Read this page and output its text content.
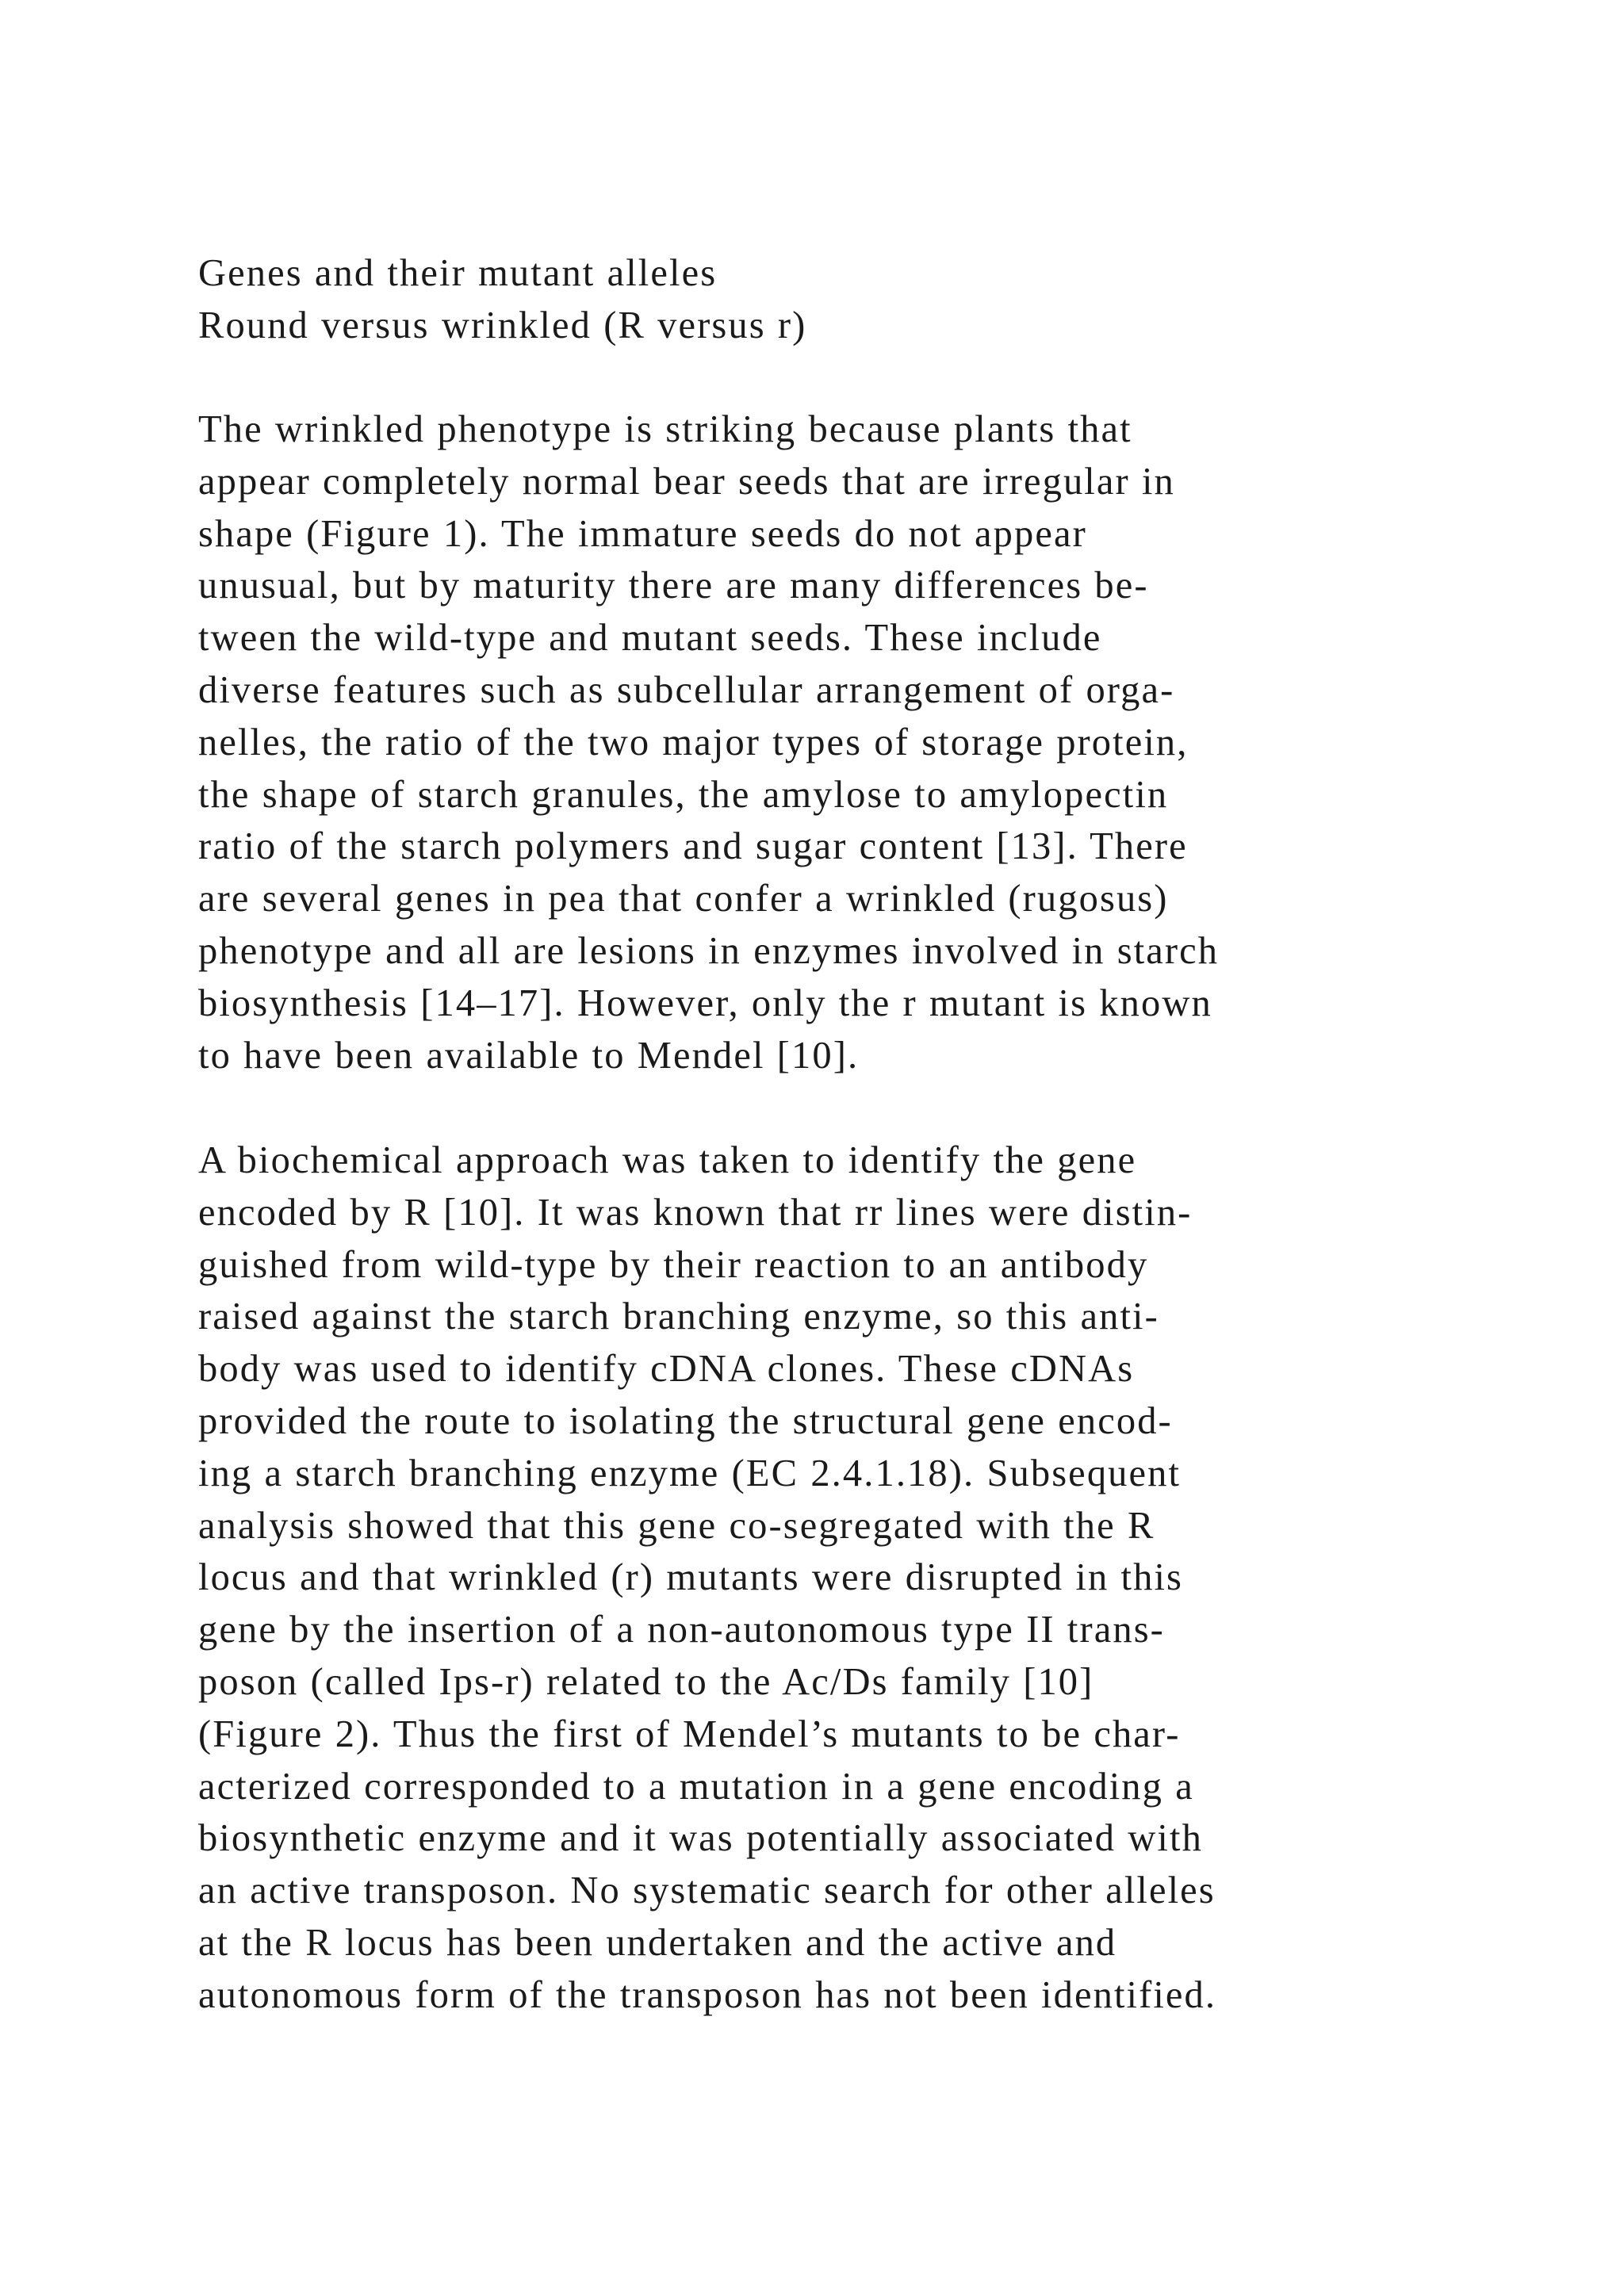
Genes and their mutant alleles
Round versus wrinkled (R versus r)
The wrinkled phenotype is striking because plants that
appear completely normal bear seeds that are irregular in
shape (Figure 1). The immature seeds do not appear
unusual, but by maturity there are many differences be-
tween the wild-type and mutant seeds. These include
diverse features such as subcellular arrangement of orga-
nelles, the ratio of the two major types of storage protein,
the shape of starch granules, the amylose to amylopectin
ratio of the starch polymers and sugar content [13]. There
are several genes in pea that confer a wrinkled (rugosus)
phenotype and all are lesions in enzymes involved in starch
biosynthesis [14–17]. However, only the r mutant is known
to have been available to Mendel [10].
A biochemical approach was taken to identify the gene
encoded by R [10]. It was known that rr lines were distin-
guished from wild-type by their reaction to an antibody
raised against the starch branching enzyme, so this anti-
body was used to identify cDNA clones. These cDNAs
provided the route to isolating the structural gene encod-
ing a starch branching enzyme (EC 2.4.1.18). Subsequent
analysis showed that this gene co-segregated with the R
locus and that wrinkled (r) mutants were disrupted in this
gene by the insertion of a non-autonomous type II trans-
poson (called Ips-r) related to the Ac/Ds family [10]
(Figure 2). Thus the first of Mendel’s mutants to be char-
acterized corresponded to a mutation in a gene encoding a
biosynthetic enzyme and it was potentially associated with
an active transposon. No systematic search for other alleles
at the R locus has been undertaken and the active and
autonomous form of the transposon has not been identified.
